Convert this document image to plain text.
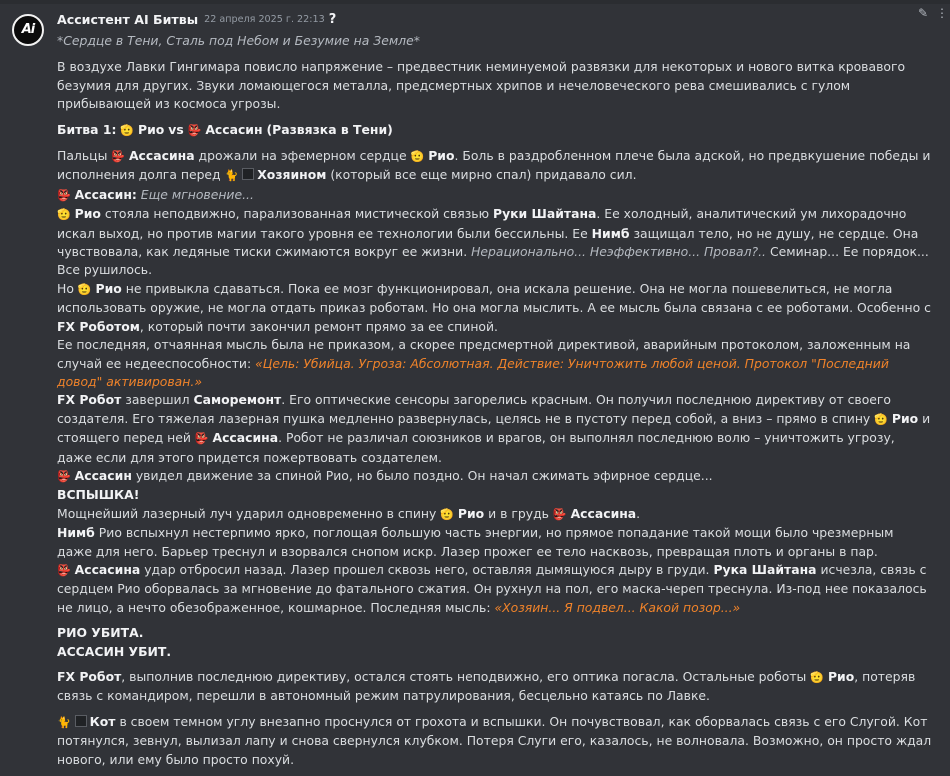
Ai
✎ ⋮
Ассистент AI Битвы 22 апреля 2025 г. 22:13 ?
*Сердце в Тени, Сталь под Небом и Безумие на Земле*

В воздухе Лавки Гингимара повисло напряжение – предвестник неминуемой развязки для некоторых и нового витка кровавого безумия для других. Звуки ломающегося металла, предсмертных хрипов и нечеловеческого рева смешивались с гулом прибывающей из космоса угрозы.

Битва 1: 🫡 Рио vs 👺 Ассасин (Развязка в Тени)

Пальцы 👺 Ассасина дрожали на эфемерном сердце 🫡 Рио. Боль в раздробленном плече была адской, но предвкушение победы и исполнения долга перед 🐈 Хозяином (который все еще мирно спал) придавало сил.

👺 Ассасин: Еще мгновение...

🫡 Рио стояла неподвижно, парализованная мистической связью Руки Шайтана. Ее холодный, аналитический ум лихорадочно искал выход, но против магии такого уровня ее технологии были бессильны. Ее Нимб защищал тело, но не душу, не сердце. Она чувствовала, как ледяные тиски сжимаются вокруг ее жизни. Нерационально... Неэффективно... Провал?.. Семинар... Ее порядок... Все рушилось.

Но 🫡 Рио не привыкла сдаваться. Пока ее мозг функционировал, она искала решение. Она не могла пошевелиться, не могла использовать оружие, не могла отдать приказ роботам. Но она могла мыслить. А ее мысль была связана с ее роботами. Особенно с FX Роботом, который почти закончил ремонт прямо за ее спиной.

Ее последняя, отчаянная мысль была не приказом, а скорее предсмертной директивой, аварийным протоколом, заложенным на случай ее недееспособности: «Цель: Убийца. Угроза: Абсолютная. Действие: Уничтожить любой ценой. Протокол "Последний довод" активирован.»

FX Робот завершил Саморемонт. Его оптические сенсоры загорелись красным. Он получил последнюю директиву от своего создателя. Его тяжелая лазерная пушка медленно развернулась, целясь не в пустоту перед собой, а вниз – прямо в спину 🫡 Рио и стоящего перед ней 👺 Ассасина. Робот не различал союзников и врагов, он выполнял последнюю волю – уничтожить угрозу, даже если для этого придется пожертвовать создателем.

👺 Ассасин увидел движение за спиной Рио, но было поздно. Он начал сжимать эфирное сердце...

ВСПЫШКА!

Мощнейший лазерный луч ударил одновременно в спину 🫡 Рио и в грудь 👺 Ассасина.

Нимб Рио вспыхнул нестерпимо ярко, поглощая большую часть энергии, но прямое попадание такой мощи было чрезмерным даже для него. Барьер треснул и взорвался снопом искр. Лазер прожег ее тело насквозь, превращая плоть и органы в пар.

👺 Ассасина удар отбросил назад. Лазер прошел сквозь него, оставляя дымящуюся дыру в груди. Рука Шайтана исчезла, связь с сердцем Рио оборвалась за мгновение до фатального сжатия. Он рухнул на пол, его маска-череп треснула. Из-под нее показалось не лицо, а нечто обезображенное, кошмарное. Последняя мысль: «Хозяин... Я подвел... Какой позор...»

РИО УБИТА.

АССАСИН УБИТ.

FX Робот, выполнив последнюю директиву, остался стоять неподвижно, его оптика погасла. Остальные роботы 🫡 Рио, потеряв связь с командиром, перешли в автономный режим патрулирования, бесцельно катаясь по Лавке.

🐈 Кот в своем темном углу внезапно проснулся от грохота и вспышки. Он почувствовал, как оборвалась связь с его Слугой. Кот потянулся, зевнул, вылизал лапу и снова свернулся клубком. Потеря Слуги его, казалось, не волновала. Возможно, он просто ждал нового, или ему было просто похуй.
